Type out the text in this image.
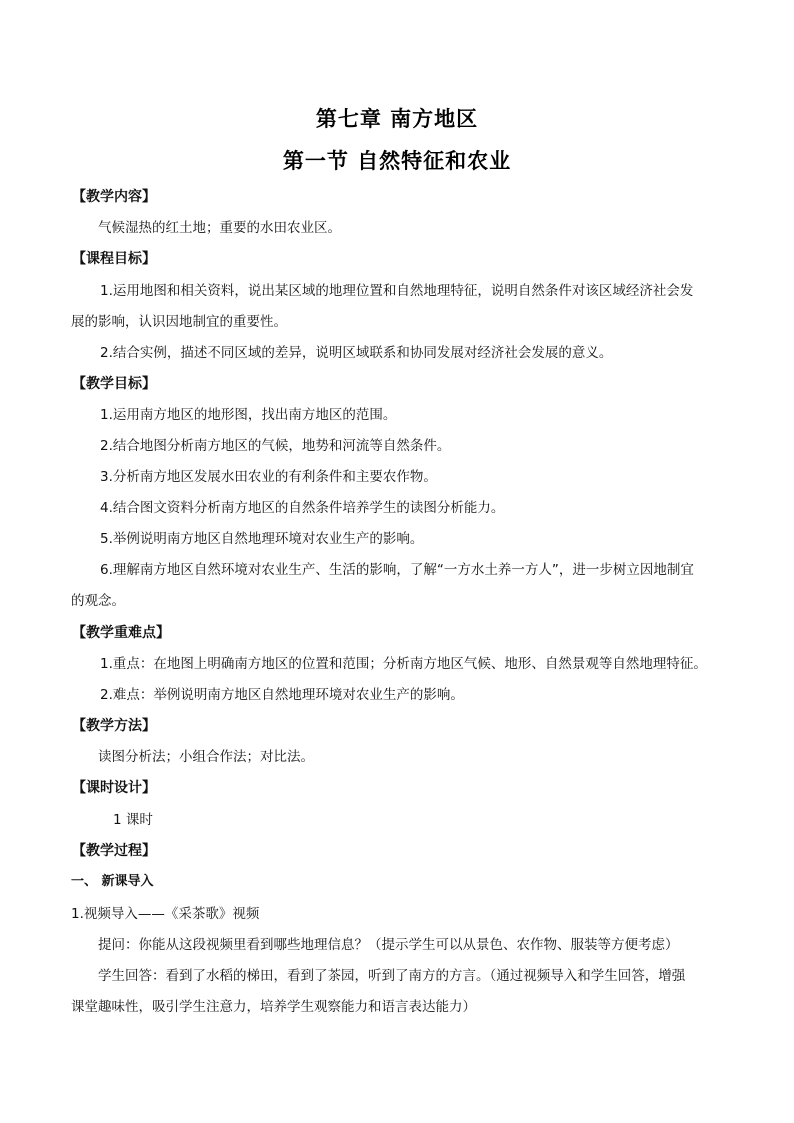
第七章 南方地区
第一节 自然特征和农业
【教学内容】
气候湿热的红土地；重要的水田农业区。
【课程目标】
1.运用地图和相关资料，说出某区域的地理位置和自然地理特征，说明自然条件对该区域经济社会发
展的影响，认识因地制宜的重要性。
2.结合实例，描述不同区域的差异，说明区域联系和协同发展对经济社会发展的意义。
【教学目标】
1.运用南方地区的地形图，找出南方地区的范围。
2.结合地图分析南方地区的气候，地势和河流等自然条件。
3.分析南方地区发展水田农业的有利条件和主要农作物。
4.结合图文资料分析南方地区的自然条件培养学生的读图分析能力。
5.举例说明南方地区自然地理环境对农业生产的影响。
6.理解南方地区自然环境对农业生产、生活的影响，了解“一方水土养一方人”，进一步树立因地制宜
的观念。
【教学重难点】
1.重点：在地图上明确南方地区的位置和范围；分析南方地区气候、地形、自然景观等自然地理特征。
2.难点：举例说明南方地区自然地理环境对农业生产的影响。
【教学方法】
读图分析法；小组合作法；对比法。
【课时设计】
1 课时
【教学过程】
一、 新课导入
1.视频导入——《采茶歌》视频
提问：你能从这段视频里看到哪些地理信息？（提示学生可以从景色、农作物、服装等方便考虑）
学生回答：看到了水稻的梯田，看到了茶园，听到了南方的方言。（通过视频导入和学生回答，增强
课堂趣味性，吸引学生注意力，培养学生观察能力和语言表达能力）
